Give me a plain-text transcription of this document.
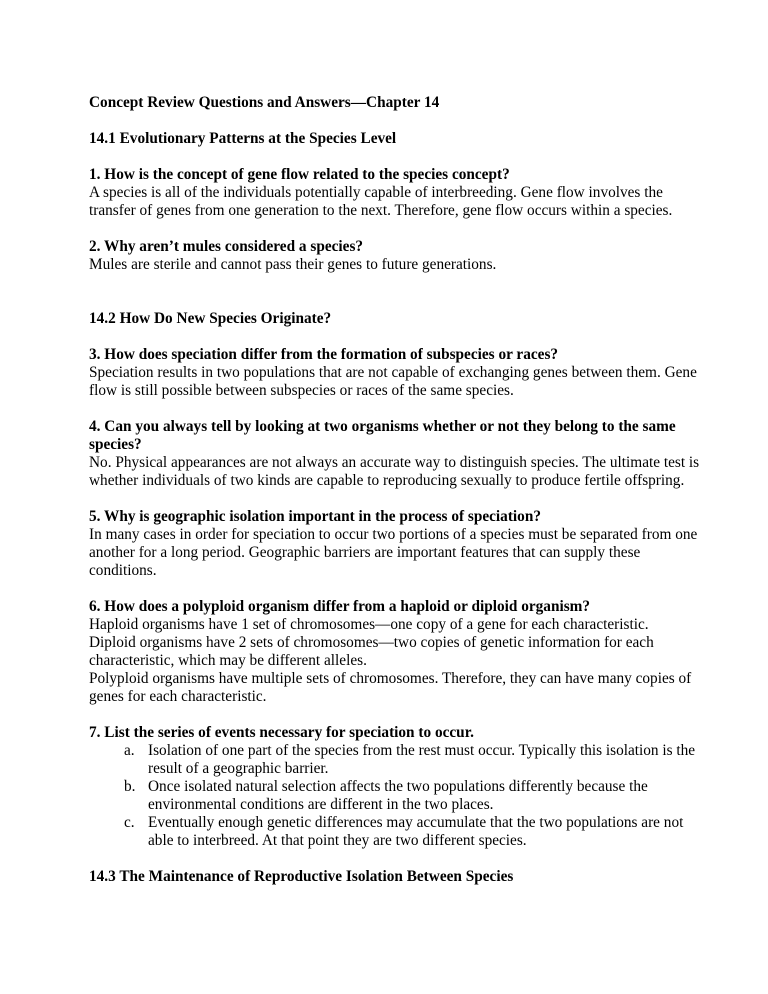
Concept Review Questions and Answers—Chapter 14

14.1 Evolutionary Patterns at the Species Level

1. How is the concept of gene flow related to the species concept?

A species is all of the individuals potentially capable of interbreeding. Gene flow involves the transfer of genes from one generation to the next. Therefore, gene flow occurs within a species.

2. Why aren’t mules considered a species?

Mules are sterile and cannot pass their genes to future generations.

14.2 How Do New Species Originate?

3. How does speciation differ from the formation of subspecies or races?

Speciation results in two populations that are not capable of exchanging genes between them. Gene flow is still possible between subspecies or races of the same species.

4. Can you always tell by looking at two organisms whether or not they belong to the same species?

No. Physical appearances are not always an accurate way to distinguish species. The ultimate test is whether individuals of two kinds are capable to reproducing sexually to produce fertile offspring.

5. Why is geographic isolation important in the process of speciation?

In many cases in order for speciation to occur two portions of a species must be separated from one another for a long period. Geographic barriers are important features that can supply these conditions.

6. How does a polyploid organism differ from a haploid or diploid organism?

Haploid organisms have 1 set of chromosomes—one copy of a gene for each characteristic.

Diploid organisms have 2 sets of chromosomes—two copies of genetic information for each characteristic, which may be different alleles.

Polyploid organisms have multiple sets of chromosomes. Therefore, they can have many copies of genes for each characteristic.

7. List the series of events necessary for speciation to occur.

a. Isolation of one part of the species from the rest must occur. Typically this isolation is the result of a geographic barrier.
b. Once isolated natural selection affects the two populations differently because the environmental conditions are different in the two places.
c. Eventually enough genetic differences may accumulate that the two populations are not able to interbreed. At that point they are two different species.

14.3 The Maintenance of Reproductive Isolation Between Species
